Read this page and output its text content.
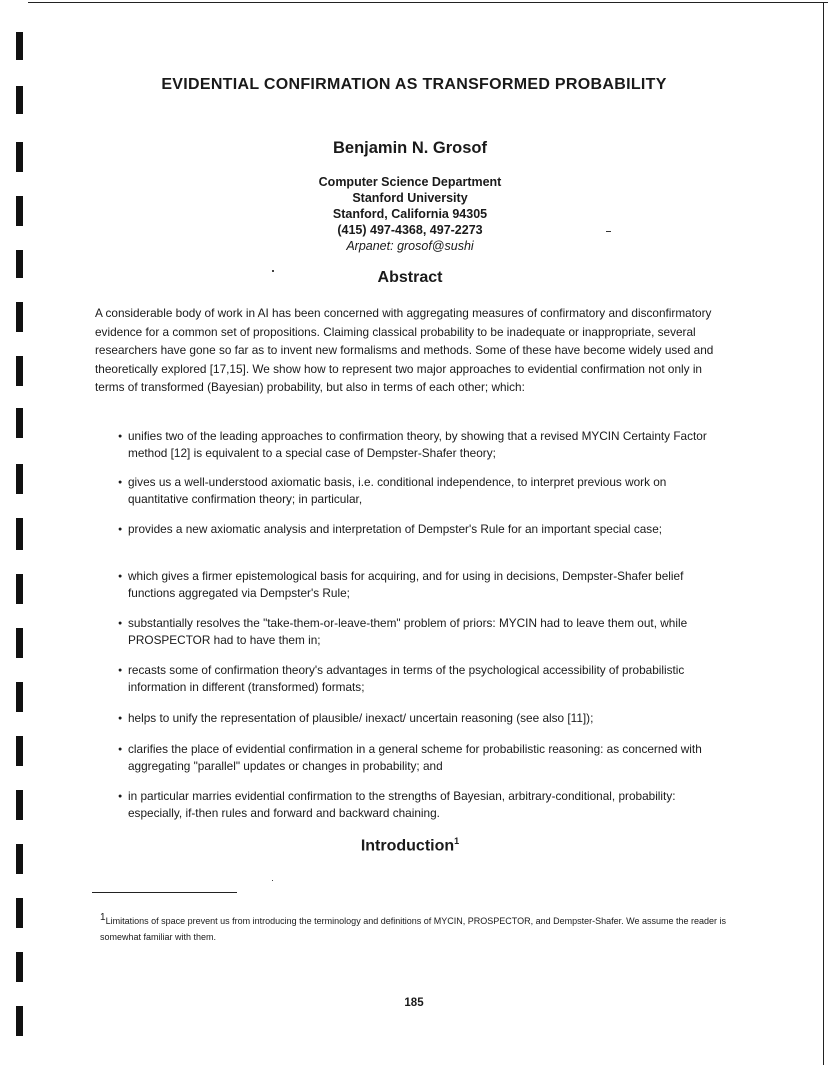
EVIDENTIAL CONFIRMATION AS TRANSFORMED PROBABILITY
Benjamin N. Grosof
Computer Science Department
Stanford University
Stanford, California 94305
(415) 497-4368, 497-2273
Arpanet: grosof@sushi
Abstract

A considerable body of work in AI has been concerned with aggregating measures of confirmatory and disconfirmatory evidence for a common set of propositions. Claiming classical probability to be inadequate or inappropriate, several researchers have gone so far as to invent new formalisms and methods. Some of these have become widely used and theoretically explored [17,15]. We show how to represent two major approaches to evidential confirmation not only in terms of transformed (Bayesian) probability, but also in terms of each other; which:

● unifies two of the leading approaches to confirmation theory, by showing that a revised MYCIN Certainty Factor method [12] is equivalent to a special case of Dempster-Shafer theory;
● gives us a well-understood axiomatic basis, i.e. conditional independence, to interpret previous work on quantitative confirmation theory; in particular,
● provides a new axiomatic analysis and interpretation of Dempster's Rule for an important special case;
● which gives a firmer epistemological basis for acquiring, and for using in decisions, Dempster-Shafer belief functions aggregated via Dempster's Rule;
● substantially resolves the "take-them-or-leave-them" problem of priors: MYCIN had to leave them out, while PROSPECTOR had to have them in;
● recasts some of confirmation theory's advantages in terms of the psychological accessibility of probabilistic information in different (transformed) formats;
● helps to unify the representation of plausible/ inexact/ uncertain reasoning (see also [11]);
● clarifies the place of evidential confirmation in a general scheme for probabilistic reasoning: as concerned with aggregating "parallel" updates or changes in probability; and
● in particular marries evidential confirmation to the strengths of Bayesian, arbitrary-conditional, probability: especially, if-then rules and forward and backward chaining.
Introduction$^1$

$^1$Limitations of space prevent us from introducing the terminology and definitions of MYCIN, PROSPECTOR, and Dempster-Shafer. We assume the reader is somewhat familiar with them.

185
